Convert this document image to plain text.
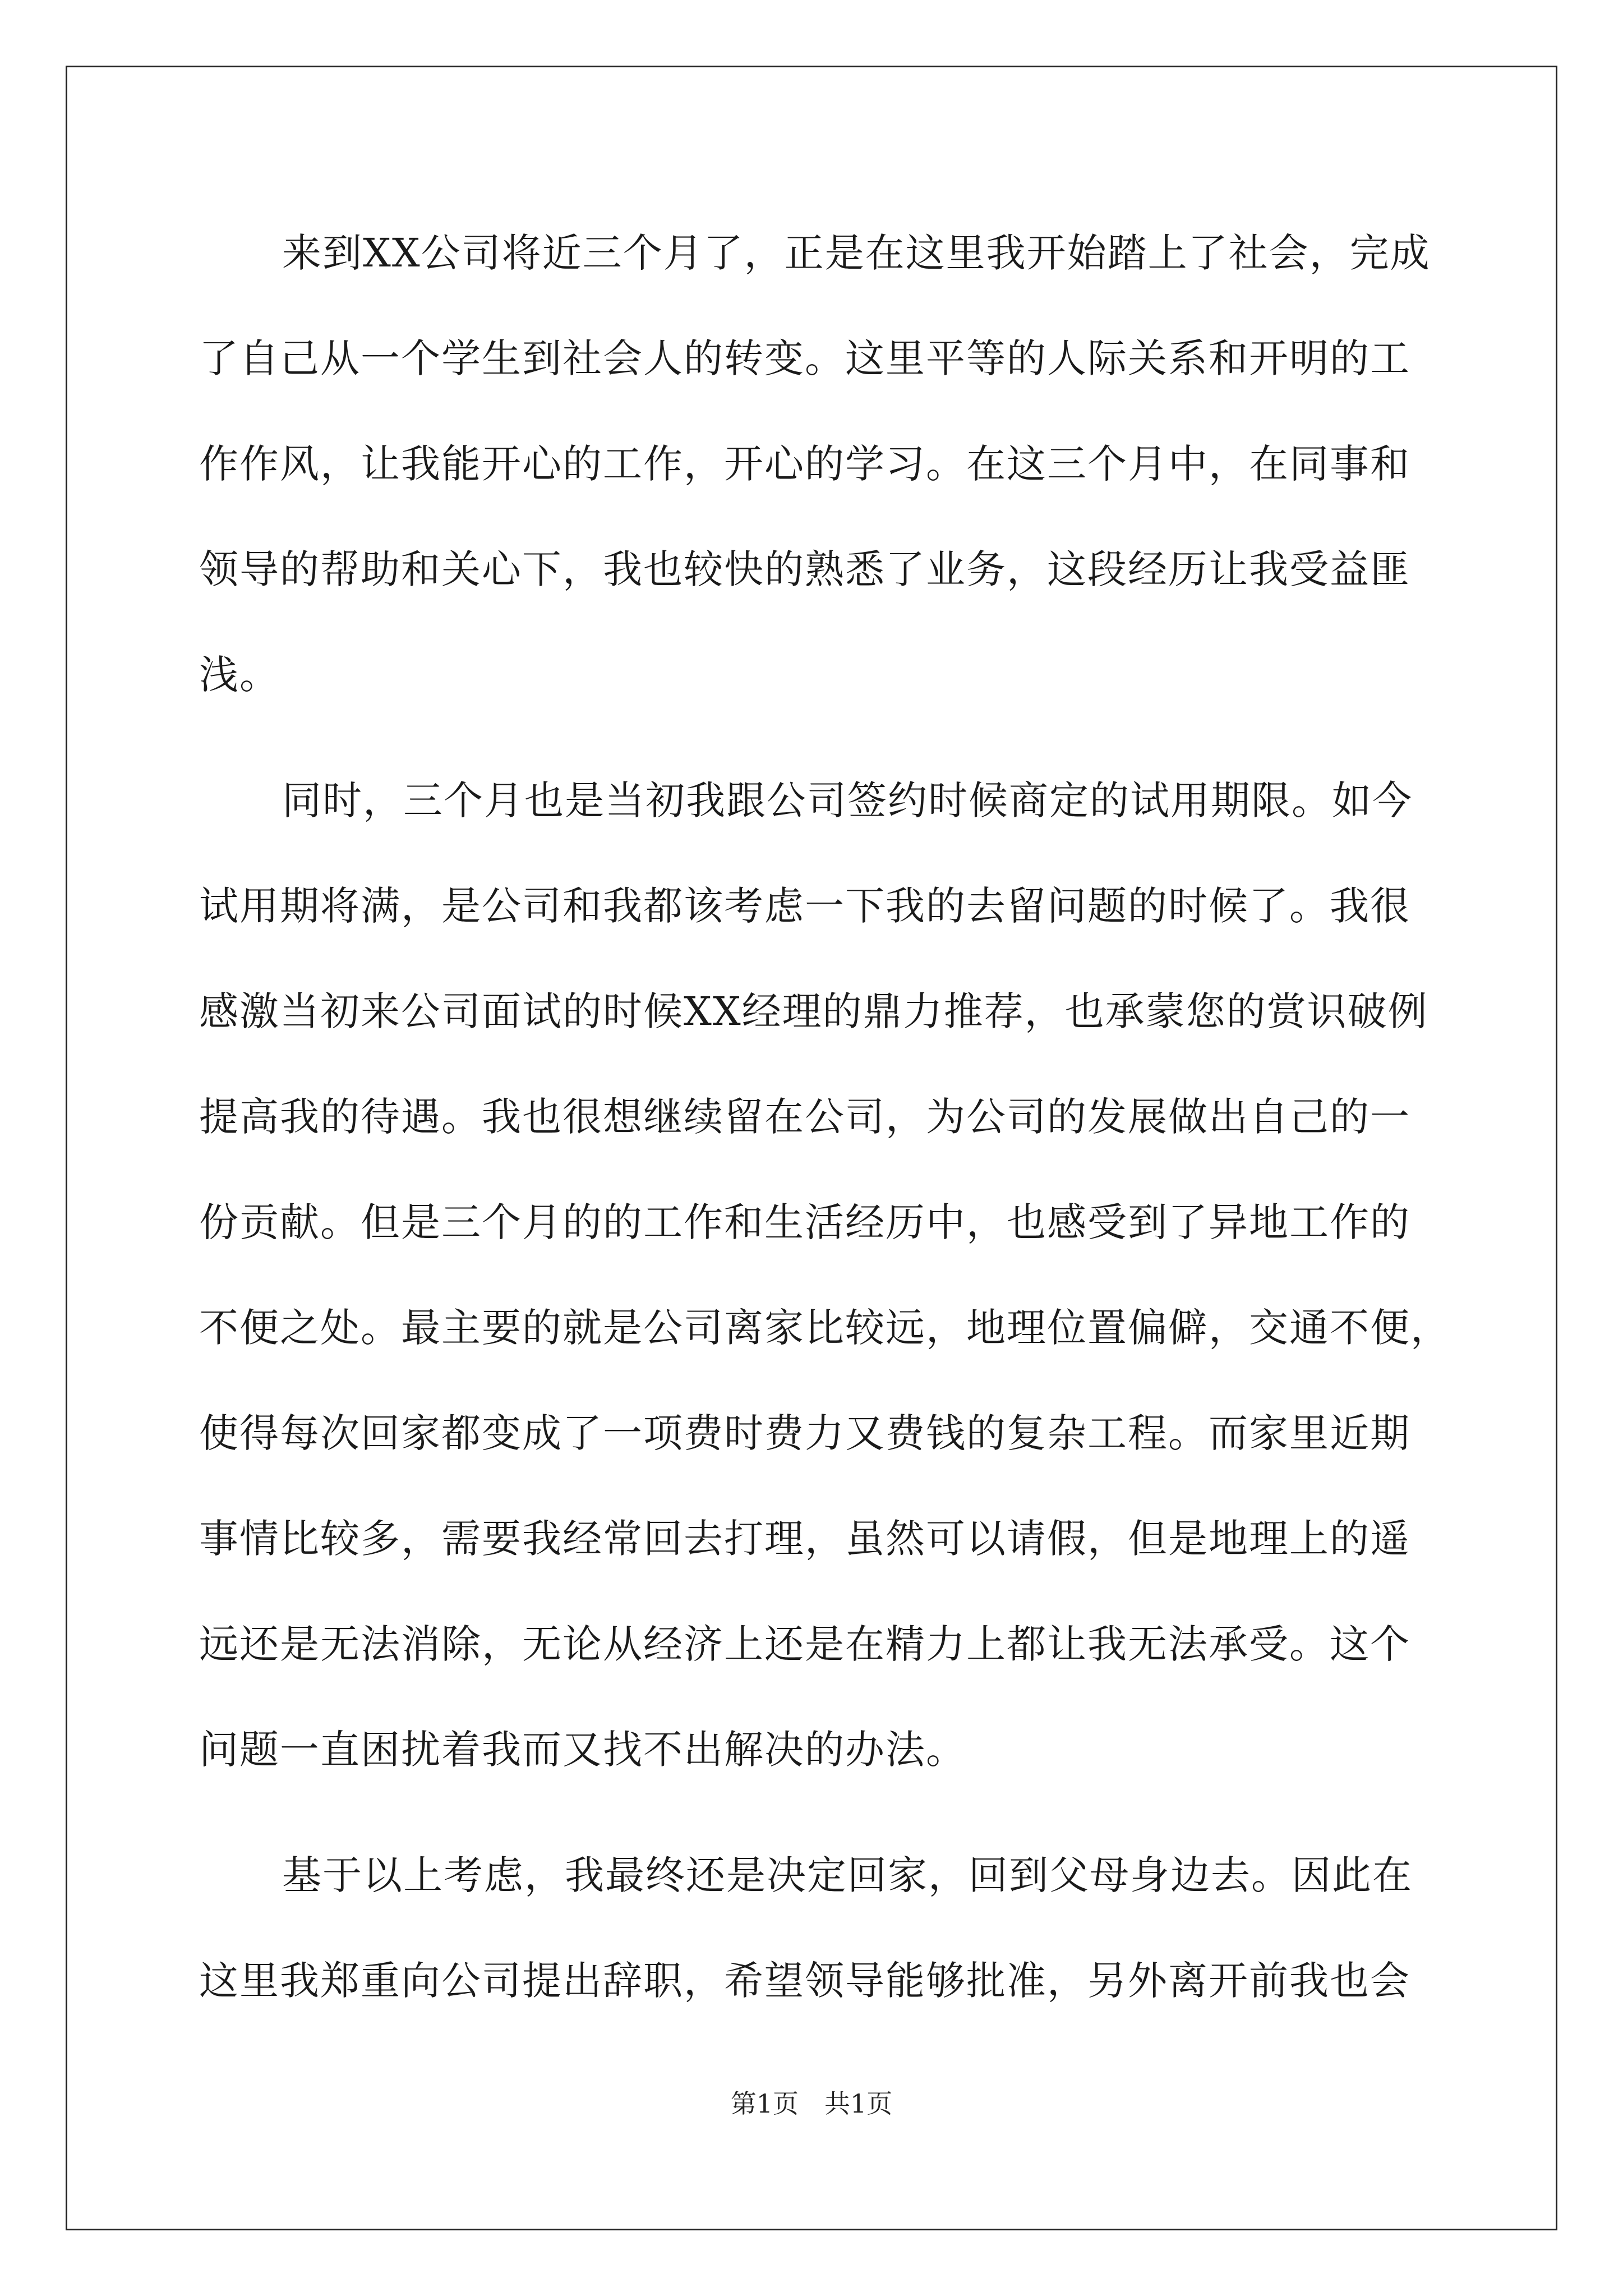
来到XX公司将近三个月了，正是在这里我开始踏上了社会，完成
了自己从一个学生到社会人的转变。这里平等的人际关系和开明的工
作作风，让我能开心的工作，开心的学习。在这三个月中，在同事和
领导的帮助和关心下，我也较快的熟悉了业务，这段经历让我受益匪
浅。
同时，三个月也是当初我跟公司签约时候商定的试用期限。如今
试用期将满，是公司和我都该考虑一下我的去留问题的时候了。我很
感激当初来公司面试的时候XX经理的鼎力推荐，也承蒙您的赏识破例
提高我的待遇。我也很想继续留在公司，为公司的发展做出自己的一
份贡献。但是三个月的的工作和生活经历中，也感受到了异地工作的
不便之处。最主要的就是公司离家比较远，地理位置偏僻，交通不便，
使得每次回家都变成了一项费时费力又费钱的复杂工程。而家里近期
事情比较多，需要我经常回去打理，虽然可以请假，但是地理上的遥
远还是无法消除，无论从经济上还是在精力上都让我无法承受。这个
问题一直困扰着我而又找不出解决的办法。
基于以上考虑，我最终还是决定回家，回到父母身边去。因此在
这里我郑重向公司提出辞职，希望领导能够批准，另外离开前我也会
第1页　共1页
